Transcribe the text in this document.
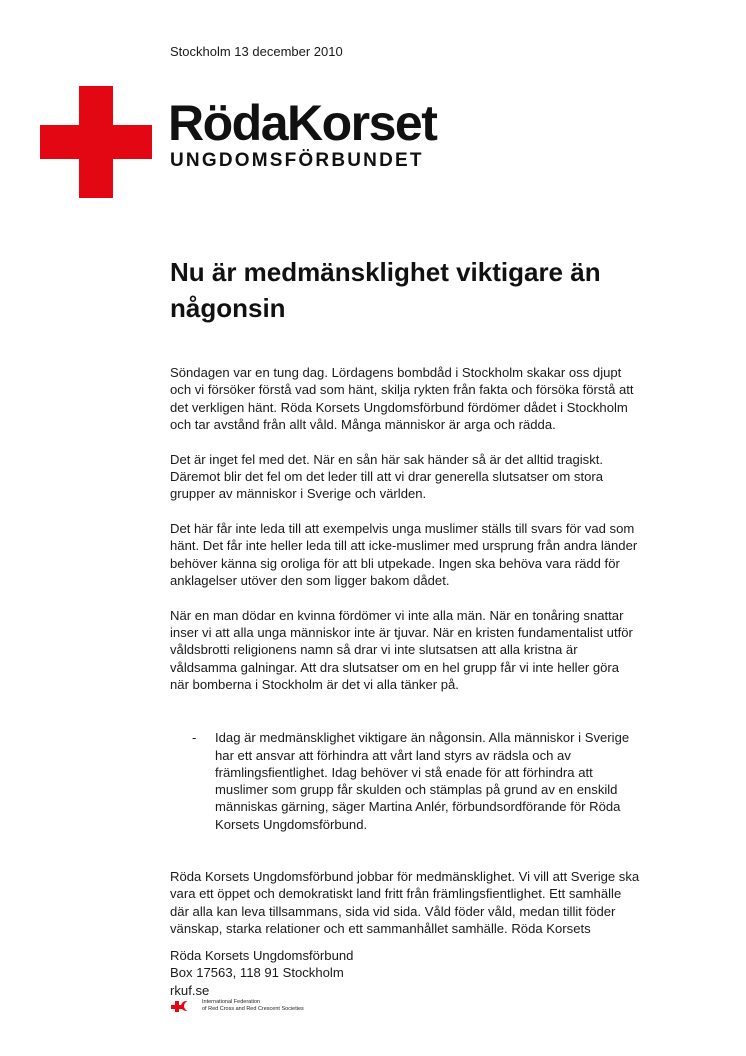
Stockholm 13 december 2010
RödaKorset
UNGDOMSFÖRBUNDET
Nu är medmänsklighet viktigare än någonsin

Söndagen var en tung dag. Lördagens bombdåd i Stockholm skakar oss djupt och vi försöker förstå vad som hänt, skilja rykten från fakta och försöka förstå att det verkligen hänt. Röda Korsets Ungdomsförbund fördömer dådet i Stockholm och tar avstånd från allt våld. Många människor är arga och rädda.

Det är inget fel med det. När en sån här sak händer så är det alltid tragiskt. Däremot blir det fel om det leder till att vi drar generella slutsatser om stora grupper av människor i Sverige och världen.

Det här får inte leda till att exempelvis unga muslimer ställs till svars för vad som hänt. Det får inte heller leda till att icke-muslimer med ursprung från andra länder behöver känna sig oroliga för att bli utpekade. Ingen ska behöva vara rädd för anklagelser utöver den som ligger bakom dådet.

När en man dödar en kvinna fördömer vi inte alla män. När en tonåring snattar inser vi att alla unga människor inte är tjuvar. När en kristen fundamentalist utför våldsbrotti religionens namn så drar vi inte slutsatsen att alla kristna är våldsamma galningar. Att dra slutsatser om en hel grupp får vi inte heller göra när bomberna i Stockholm är det vi alla tänker på.

- Idag är medmänsklighet viktigare än någonsin. Alla människor i Sverige har ett ansvar att förhindra att vårt land styrs av rädsla och av främlingsfientlighet. Idag behöver vi stå enade för att förhindra att muslimer som grupp får skulden och stämplas på grund av en enskild människas gärning, säger Martina Anlér, förbundsordförande för Röda Korsets Ungdomsförbund.

Röda Korsets Ungdomsförbund jobbar för medmänsklighet. Vi vill att Sverige ska vara ett öppet och demokratiskt land fritt från främlingsfientlighet. Ett samhälle där alla kan leva tillsammans, sida vid sida. Våld föder våld, medan tillit föder vänskap, starka relationer och ett sammanhållet samhälle. Röda Korsets

Röda Korsets Ungdomsförbund
Box 17563, 118 91 Stockholm
rkuf.se
International Federation
of Red Cross and Red Crescent Societies
